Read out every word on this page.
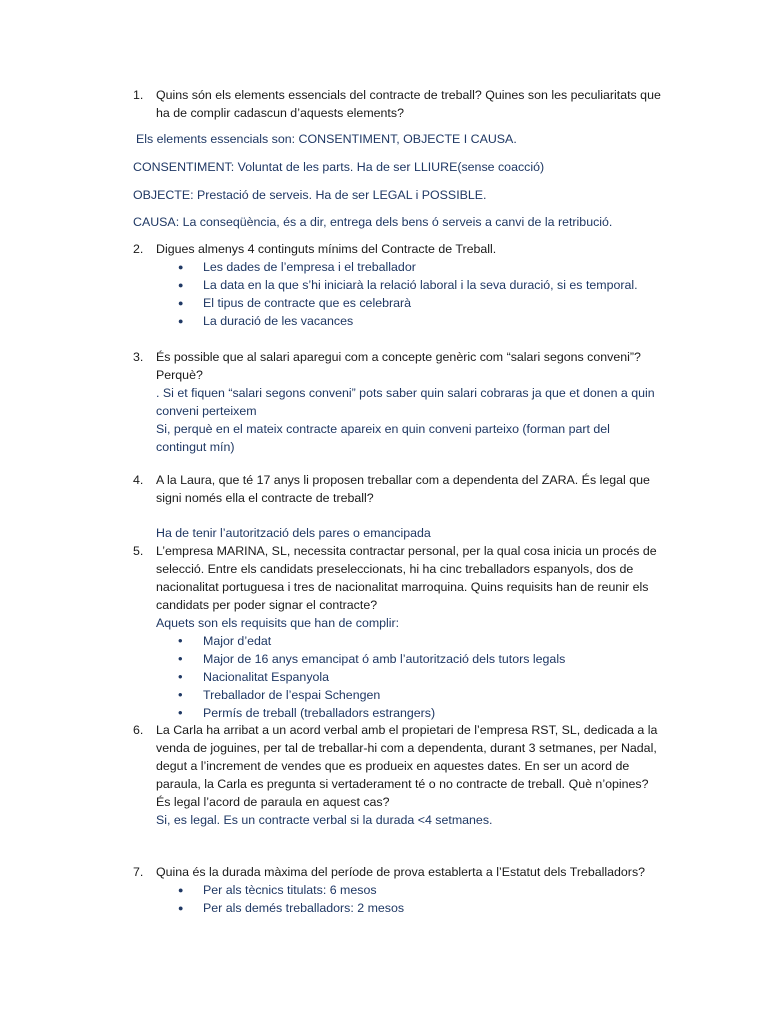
1. Quins són els elements essencials del contracte de treball? Quines son les peculiaritats que ha de complir cadascun d’aquests elements?
Els elements essencials son: CONSENTIMENT, OBJECTE I CAUSA.
CONSENTIMENT: Voluntat de les parts. Ha de ser LLIURE(sense coacció)
OBJECTE: Prestació de serveis. Ha de ser LEGAL i POSSIBLE.
CAUSA: La conseqüència, és a dir, entrega dels bens ó serveis a canvi de la retribució.
2. Digues almenys 4 continguts mínims del Contracte de Treball.
● Les dades de l’empresa i el treballador
● La data en la que s’hi iniciarà la relació laboral i la seva duració, si es temporal.
● El tipus de contracte que es celebrarà
● La duració de les vacances
3. És possible que al salari aparegui com a concepte genèric com “salari segons conveni”? Perquè?
. Si et fiquen “salari segons conveni” pots saber quin salari cobraras ja que et donen a quin conveni perteixem
Si, perquè en el mateix contracte apareix en quin conveni parteixo (forman part del contingut mín)
4. A la Laura, que té 17 anys li proposen treballar com a dependenta del ZARA. És legal que signi només ella el contracte de treball?
Ha de tenir l’autorització dels pares o emancipada
5. L’empresa MARINA, SL, necessita contractar personal, per la qual cosa inicia un procés de selecció. Entre els candidats preseleccionats, hi ha cinc treballadors espanyols, dos de nacionalitat portuguesa i tres de nacionalitat marroquina. Quins requisits han de reunir els candidats per poder signar el contracte?
Aquets son els requisits que han de complir:
• Major d’edat
• Major de 16 anys emancipat ó amb l’autorització dels tutors legals
• Nacionalitat Espanyola
• Treballador de l’espai Schengen
• Permís de treball (treballadors estrangers)
6. La Carla ha arribat a un acord verbal amb el propietari de l’empresa RST, SL, dedicada a la venda de joguines, per tal de treballar-hi com a dependenta, durant 3 setmanes, per Nadal, degut a l’increment de vendes que es produeix en aquestes dates. En ser un acord de paraula, la Carla es pregunta si vertaderament té o no contracte de treball. Què n’opines? És legal l’acord de paraula en aquest cas?
Si, es legal. Es un contracte verbal si la durada <4 setmanes.
7. Quina és la durada màxima del període de prova establerta a l’Estatut dels Treballadors?
● Per als tècnics titulats: 6 mesos
● Per als demés treballadors: 2 mesos
